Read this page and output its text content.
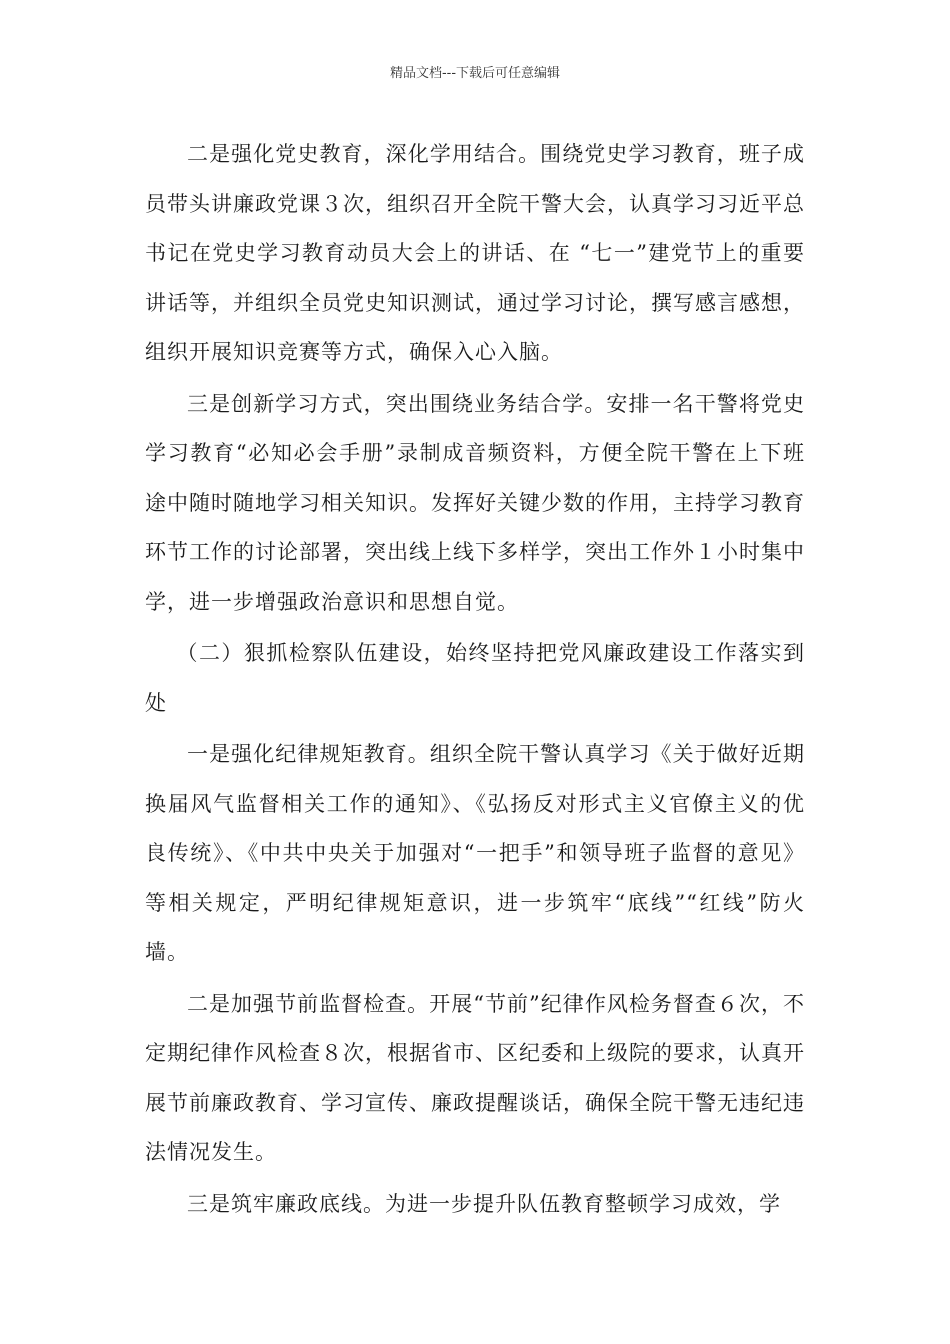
精品文档---下载后可任意编辑

二是强化党史教育，深化学用结合。围绕党史学习教育，班子成员带头讲廉政党课３次，组织召开全院干警大会，认真学习习近平总书记在党史学习教育动员大会上的讲话、在 “七一”建党节上的重要讲话等，并组织全员党史知识测试，通过学习讨论，撰写感言感想，组织开展知识竞赛等方式，确保入心入脑。

三是创新学习方式，突出围绕业务结合学。安排一名干警将党史学习教育“必知必会手册”录制成音频资料，方便全院干警在上下班途中随时随地学习相关知识。发挥好关键少数的作用，主持学习教育环节工作的讨论部署，突出线上线下多样学，突出工作外１小时集中学，进一步增强政治意识和思想自觉。

（二）狠抓检察队伍建设，始终坚持把党风廉政建设工作落实到处

一是强化纪律规矩教育。组织全院干警认真学习《关于做好近期换届风气监督相关工作的通知》、《弘扬反对形式主义官僚主义的优良传统》、《中共中央关于加强对“一把手”和领导班子监督的意见》等相关规定，严明纪律规矩意识，进一步筑牢“底线”“红线”防火墙。

二是加强节前监督检查。开展“节前”纪律作风检务督查６次，不定期纪律作风检查８次，根据省市、区纪委和上级院的要求，认真开展节前廉政教育、学习宣传、廉政提醒谈话，确保全院干警无违纪违法情况发生。

三是筑牢廉政底线。为进一步提升队伍教育整顿学习成效，学
